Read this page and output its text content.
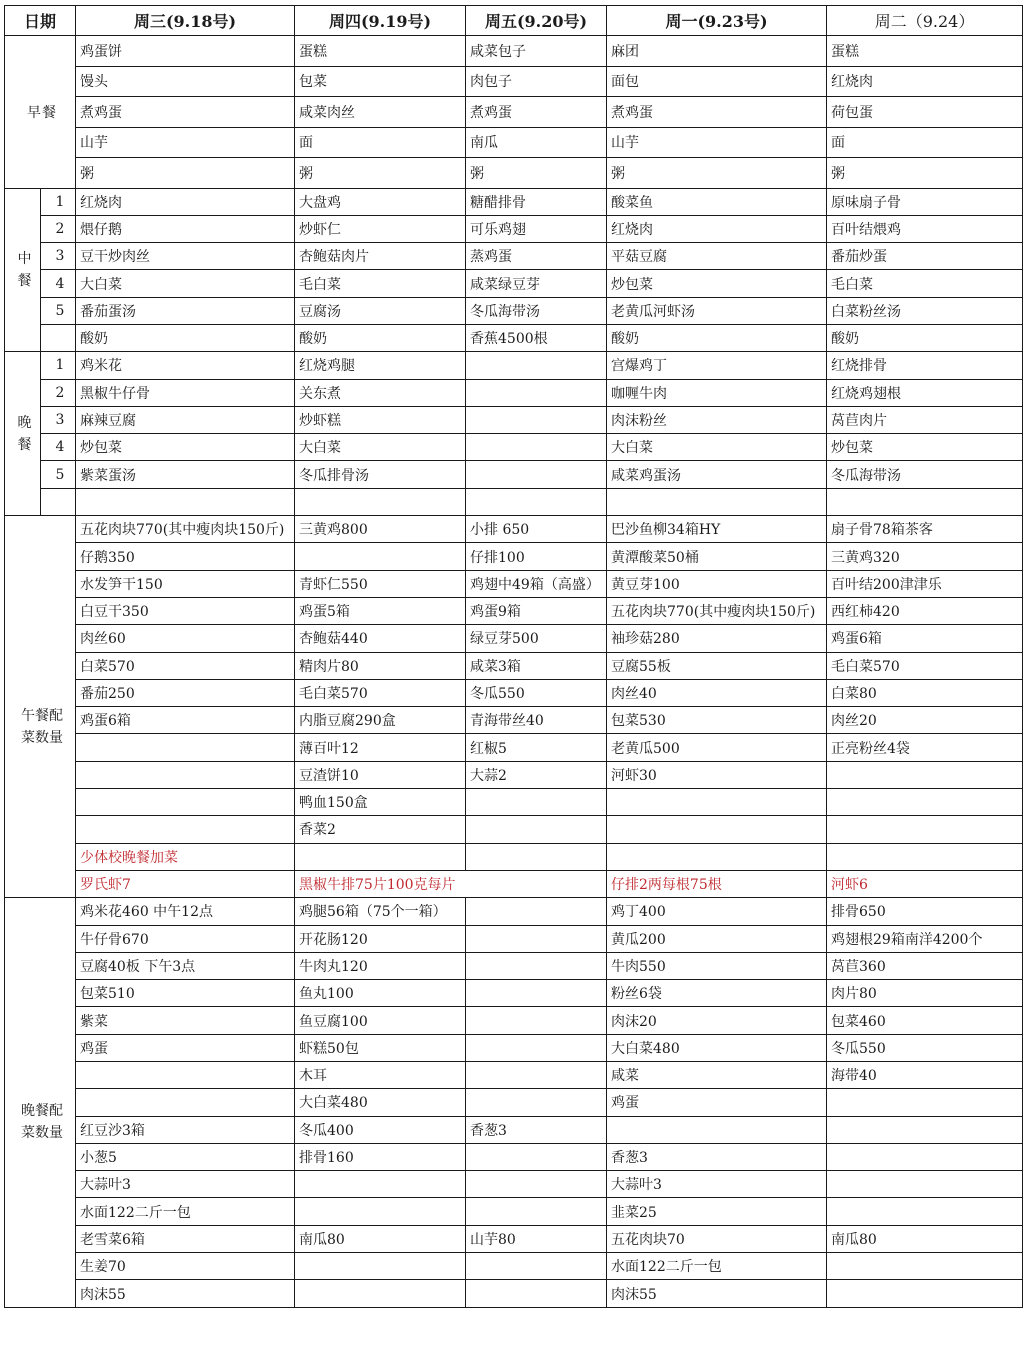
日期		周三(9.18号)	周四(9.19号)	周五(9.20号)	周一(9.23号)	周二（9.24）
早餐		鸡蛋饼	蛋糕	咸菜包子	麻团	蛋糕
		馒头	包菜	肉包子	面包	红烧肉
		煮鸡蛋	咸菜肉丝	煮鸡蛋	煮鸡蛋	荷包蛋
		山芋	面	南瓜	山芋	面
		粥	粥	粥	粥	粥

中
餐	1	红烧肉	大盘鸡	糖醋排骨	酸菜鱼	原味扇子骨
	2	煨仔鹅	炒虾仁	可乐鸡翅	红烧肉	百叶结煨鸡
	3	豆干炒肉丝	杏鲍菇肉片	蒸鸡蛋	平菇豆腐	番茄炒蛋
	4	大白菜	毛白菜	咸菜绿豆芽	炒包菜	毛白菜
	5	番茄蛋汤	豆腐汤	冬瓜海带汤	老黄瓜河虾汤	白菜粉丝汤
		酸奶	酸奶	香蕉4500根	酸奶	酸奶

晚
餐	1	鸡米花	红烧鸡腿		宫爆鸡丁	红烧排骨
	2	黑椒牛仔骨	关东煮		咖喱牛肉	红烧鸡翅根
	3	麻辣豆腐	炒虾糕		肉沫粉丝	莴苣肉片
	4	炒包菜	大白菜		大白菜	炒包菜
	5	紫菜蛋汤	冬瓜排骨汤		咸菜鸡蛋汤	冬瓜海带汤

午餐配
菜数量		五花肉块770(其中瘦肉块150斤)	三黄鸡800	小排 650	巴沙鱼柳34箱HY	扇子骨78箱茶客
		仔鹅350		仔排100	黄潭酸菜50桶	三黄鸡320
		水发笋干150	青虾仁550	鸡翅中49箱（高盛）	黄豆芽100	百叶结200津津乐
		白豆干350	鸡蛋5箱	鸡蛋9箱	五花肉块770(其中瘦肉块150斤)	西红柿420
		肉丝60	杏鲍菇440	绿豆芽500	袖珍菇280	鸡蛋6箱
		白菜570	精肉片80	咸菜3箱	豆腐55板	毛白菜570
		番茄250	毛白菜570	冬瓜550	肉丝40	白菜80
		鸡蛋6箱	内脂豆腐290盒	青海带丝40	包菜530	肉丝20
			薄百叶12	红椒5	老黄瓜500	正亮粉丝4袋
			豆渣饼10	大蒜2	河虾30	
			鸭血150盒			
			香菜2			
		少体校晚餐加菜				
		罗氏虾7	黑椒牛排75片100克每片		仔排2两每根75根	河虾6

晚餐配
菜数量		鸡米花460 中午12点	鸡腿56箱（75个一箱）		鸡丁400	排骨650
		牛仔骨670	开花肠120		黄瓜200	鸡翅根29箱南洋4200个
		豆腐40板 下午3点	牛肉丸120		牛肉550	莴苣360
		包菜510	鱼丸100		粉丝6袋	肉片80
		紫菜	鱼豆腐100		肉沫20	包菜460
		鸡蛋	虾糕50包		大白菜480	冬瓜550
			木耳		咸菜	海带40
			大白菜480		鸡蛋	
		红豆沙3箱	冬瓜400	香葱3		
		小葱5	排骨160		香葱3	
		大蒜叶3			大蒜叶3	
		水面122二斤一包			韭菜25	
		老雪菜6箱	南瓜80	山芋80	五花肉块70	南瓜80
		生姜70			水面122二斤一包	
		肉沫55			肉沫55	
